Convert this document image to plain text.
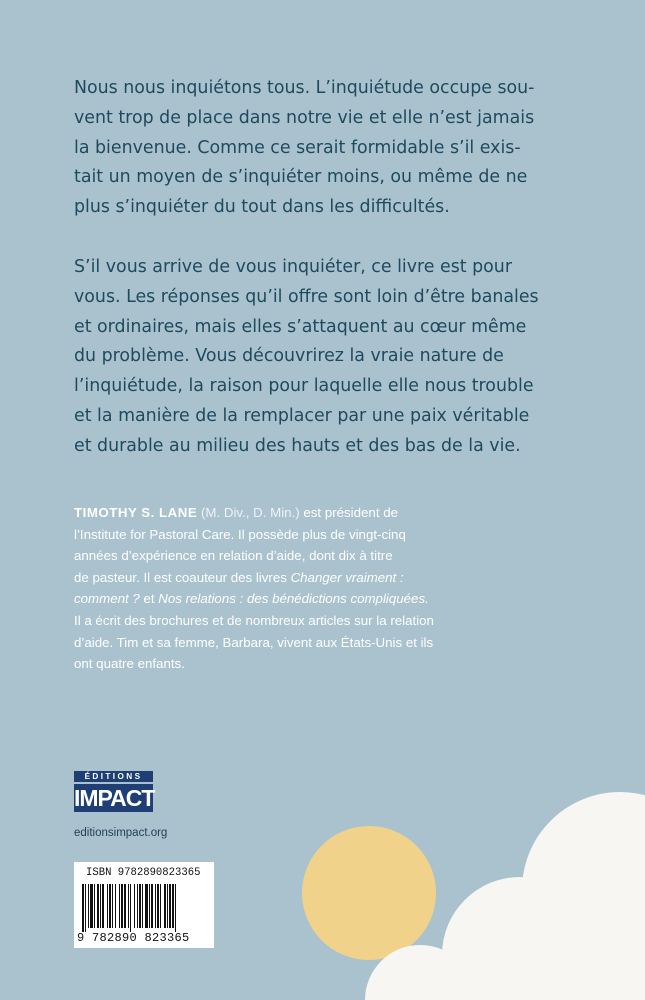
Nous nous inquiétons tous. L’inquiétude occupe sou-
vent trop de place dans notre vie et elle n’est jamais
la bienvenue. Comme ce serait formidable s’il exis-
tait un moyen de s’inquiéter moins, ou même de ne
plus s’inquiéter du tout dans les difficultés.

S’il vous arrive de vous inquiéter, ce livre est pour
vous. Les réponses qu’il offre sont loin d’être banales
et ordinaires, mais elles s’attaquent au cœur même
du problème. Vous découvrirez la vraie nature de
l’inquiétude, la raison pour laquelle elle nous trouble
et la manière de la remplacer par une paix véritable
et durable au milieu des hauts et des bas de la vie.

TIMOTHY S. LANE (M. Div., D. Min.) est président de
l’Institute for Pastoral Care. Il possède plus de vingt-cinq
années d’expérience en relation d’aide, dont dix à titre
de pasteur. Il est coauteur des livres Changer vraiment :
comment ? et Nos relations : des bénédictions compliquées.
Il a écrit des brochures et de nombreux articles sur la relation
d’aide. Tim et sa femme, Barbara, vivent aux États-Unis et ils
ont quatre enfants.
ÉDITIONS
IMPACT
editionsimpact.org
ISBN 9782890823365
9 782890 823365
